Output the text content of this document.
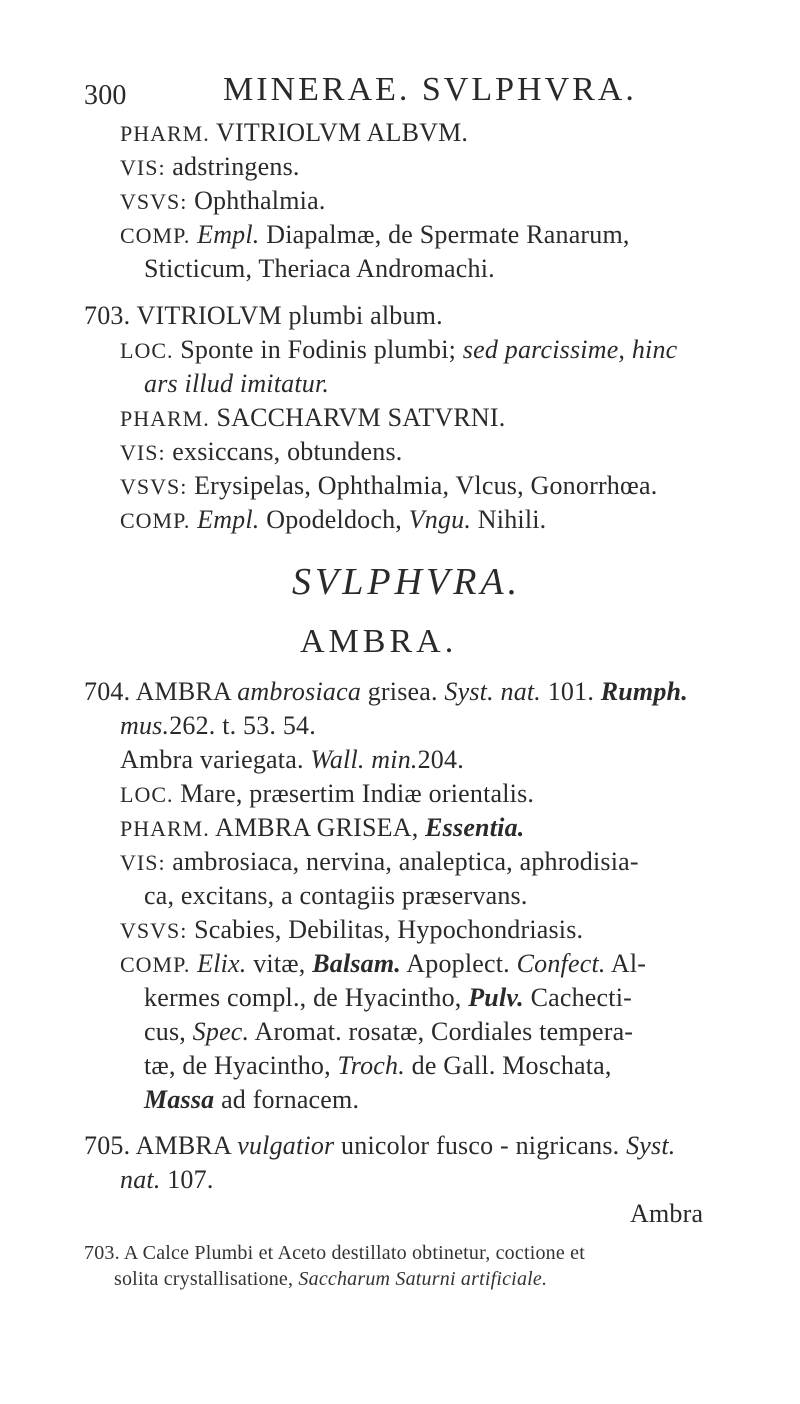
300	MINERAE. SVLPHVRA.
PHARM. VITRIOLVM ALBVM.
VIS: adstringens.
VSVS: Ophthalmia.
COMP. Empl. Diapalmæ, de Spermate Ranarum,
Sticticum, Theriaca Andromachi.
703. VITRIOLVM plumbi album.
LOC. Sponte in Fodinis plumbi; sed parcissime, hinc
ars illud imitatur.
PHARM. SACCHARVM SATVRNI.
VIS: exsiccans, obtundens.
VSVS: Erysipelas, Ophthalmia, Vlcus, Gonorrhœa.
COMP. Empl. Opodeldoch, Vngu. Nihili.
SVLPHVRA.
AMBRA.
704. AMBRA ambrosiaca grisea. Syst. nat. 101. Rumph.
mus.262. t. 53. 54.
Ambra variegata. Wall. min.204.
LOC. Mare, præsertim Indiæ orientalis.
PHARM. AMBRA GRISEA, Essentia.
VIS: ambrosiaca, nervina, analeptica, aphrodisia-
ca, excitans, a contagiis præservans.
VSVS: Scabies, Debilitas, Hypochondriasis.
COMP. Elix. vitæ, Balsam. Apoplect. Confect. Al-
kermes compl., de Hyacintho, Pulv. Cachecti-
cus, Spec. Aromat. rosatæ, Cordiales tempera-
tæ, de Hyacintho, Troch. de Gall. Moschata,
Massa ad fornacem.
705. AMBRA vulgatior unicolor fusco - nigricans. Syst.
nat. 107.
Ambra
703. A Calce Plumbi et Aceto destillato obtinetur, coctione et
solita crystallisatione, Saccharum Saturni artificiale.
